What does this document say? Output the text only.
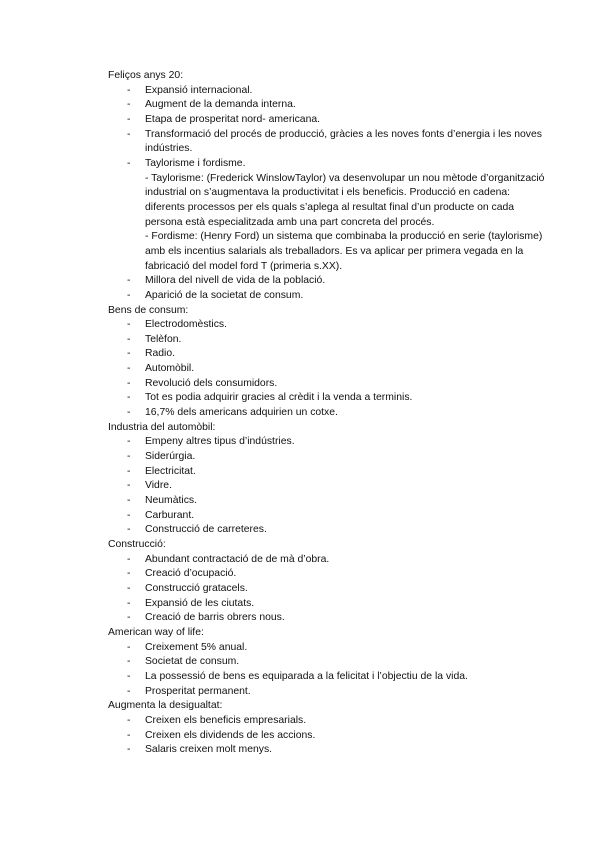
Feliços anys 20:
- Expansió internacional.
- Augment de la demanda interna.
- Etapa de prosperitat nord- americana.
- Transformació del procés de producció, gràcies a les noves fonts d’energia i les noves indústries.
- Taylorisme i fordisme.
- Taylorisme: (Frederick WinslowTaylor) va desenvolupar un nou mètode d’organització industrial on s’augmentava la productivitat i els beneficis. Producció en cadena: diferents processos per els quals s’aplega al resultat final d’un producte on cada persona està especialitzada amb una part concreta del procés.
- Fordisme: (Henry Ford) un sistema que combinaba la producció en serie (taylorisme) amb els incentius salarials als treballadors. Es va aplicar per primera vegada en la fabricació del model ford T (primeria s.XX).
- Millora del nivell de vida de la població.
- Aparició de la societat de consum.
Bens de consum:
- Electrodomèstics.
- Telèfon.
- Radio.
- Automòbil.
- Revolució dels consumidors.
- Tot es podia adquirir gracies al crèdit i la venda a terminis.
- 16,7% dels americans adquirien un cotxe.
Industria del automòbil:
- Empeny altres tipus d’indústries.
- Siderúrgia.
- Electricitat.
- Vidre.
- Neumàtics.
- Carburant.
- Construcció de carreteres.
Construcció:
- Abundant contractació de de mà d’obra.
- Creació d’ocupació.
- Construcció gratacels.
- Expansió de les ciutats.
- Creació de barris obrers nous.
American way of life:
- Creixement 5% anual.
- Societat de consum.
- La possessió de bens es equiparada a la felicitat i l’objectiu de la vida.
- Prosperitat permanent.
Augmenta la desigualtat:
- Creixen els beneficis empresarials.
- Creixen els dividends de les accions.
- Salaris creixen molt menys.
